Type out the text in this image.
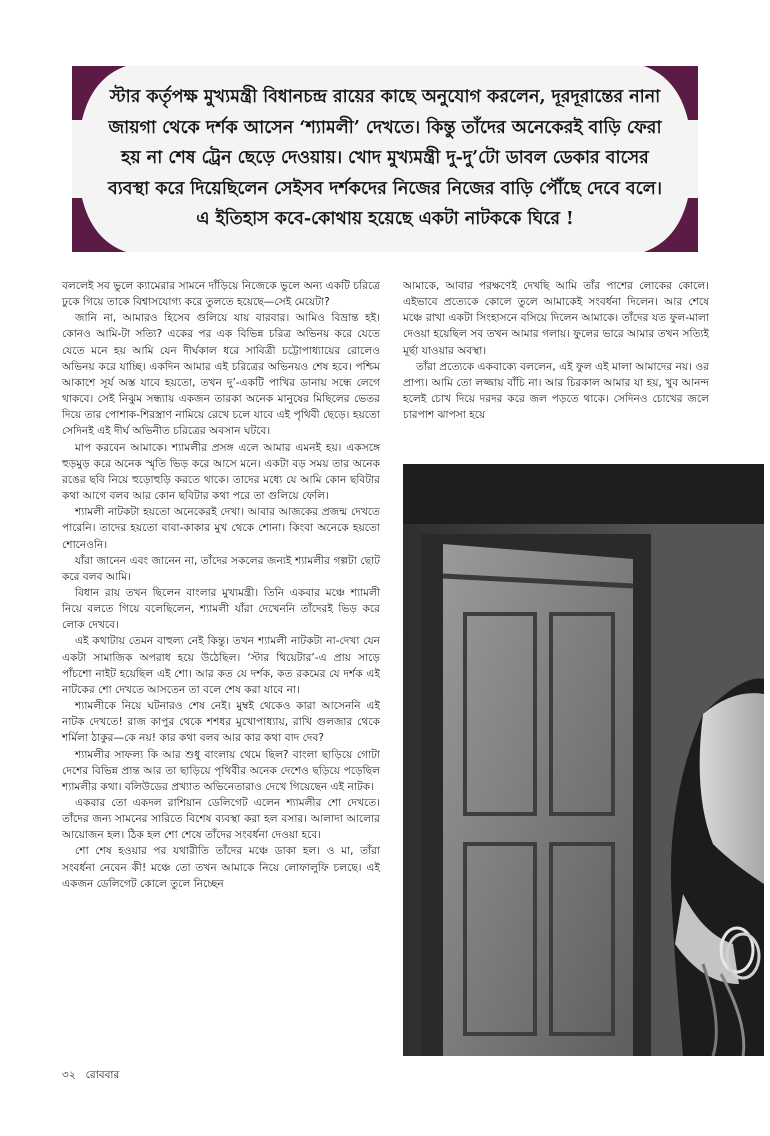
স্টার কর্তৃপক্ষ মুখ্যমন্ত্রী বিধানচন্দ্র রায়ের কাছে অনুযোগ করলেন, দূরদূরান্তের নানা জায়গা থেকে দর্শক আসেন ‘শ্যামলী’ দেখতে। কিন্তু তাঁদের অনেকেরই বাড়ি ফেরা হয় না শেষ ট্রেন ছেড়ে দেওয়ায়। খোদ মুখ্যমন্ত্রী দু-দু’টো ডাবল ডেকার বাসের ব্যবস্থা করে দিয়েছিলেন সেইসব দর্শকদের নিজের নিজের বাড়ি পৌঁছে দেবে বলে। এ ইতিহাস কবে-কোথায় হয়েছে একটা নাটককে ঘিরে !

বললেই সব ভুলে ক্যামেরার সামনে দাঁড়িয়ে নিজেকে ভুলে অন্য একটি চরিত্রে ঢুকে গিয়ে তাকে বিশ্বাসযোগ্য করে তুলতে হয়েছে—সেই মেয়েটা?

জানি না, আমারও হিসেব গুলিয়ে যায় বারবার। আমিও বিভ্রান্ত হই। কোনও আমি-টা সত্যি? একের পর এক বিভিন্ন চরিত্র অভিনয় করে যেতে যেতে মনে হয় আমি যেন দীর্ঘকাল ধরে সাবিত্রী চট্টোপাধ্যায়ের রোলেও অভিনয় করে যাচ্ছি। একদিন আমার এই চরিত্রের অভিনয়ও শেষ হবে। পশ্চিম আকাশে সূর্য অস্ত যাবে হয়তো, তখন দু’-একটি পাখির ডানায় সন্ধে লেগে থাকবে। সেই নিঝুম সন্ধ্যায় একজন তারকা অনেক মানুষের মিছিলের ভেতর দিয়ে তার পোশাক-শিরস্ত্রাণ নামিয়ে রেখে চলে যাবে এই পৃথিবী ছেড়ে। হয়তো সেদিনই এই দীর্ঘ অভিনীত চরিত্রের অবসান ঘটবে।

মাপ করবেন আমাকে। শ্যামলীর প্রসঙ্গ এলে আমার এমনই হয়। একসঙ্গে হুড়মুড় করে অনেক স্মৃতি ভিড় করে আসে মনে। একটা বড় সময় তার অনেক রঙের ছবি নিয়ে হুড়োহুড়ি করতে থাকে। তাদের মধ্যে যে আমি কোন ছবিটার কথা আগে বলব আর কোন ছবিটার কথা পরে তা গুলিয়ে ফেলি।

শ্যামলী নাটকটা হয়তো অনেকেরই দেখা। আবার আজকের প্রজন্ম দেখতে পারেনি। তাদের হয়তো বাবা-কাকার মুখ থেকে শোনা। কিংবা অনেকে হয়তো শোনেওনি।

যাঁরা জানেন এবং জানেন না, তাঁদের সকলের জন্যই শ্যামলীর গল্পটা ছোট করে বলব আমি।

বিধান রায় তখন ছিলেন বাংলার মুখ্যমন্ত্রী। তিনি একবার মঞ্চে শ্যামলী নিয়ে বলতে গিয়ে বলেছিলেন, শ্যামলী যাঁরা দেখেননি তাঁদেরই ভিড় করে লোক দেখবে।

এই কথাটায় তেমন বাহুল্য নেই কিন্তু। তখন শ্যামলী নাটকটা না-দেখা যেন একটা সামাজিক অপরাধ হয়ে উঠেছিল। ‘স্টার থিয়েটার’-এ প্রায় সাড়ে পাঁচশো নাইট হয়েছিল এই শো। আর কত যে দর্শক, কত রকমের যে দর্শক এই নাটকের শো দেখতে আসতেন তা বলে শেষ করা যাবে না।

শ্যামলীকে নিয়ে ঘটনারও শেষ নেই। মুম্বই থেকেও কারা আসেননি এই নাটক দেখতে! রাজ কাপুর থেকে শশধর মুখোপাধ্যায়, রাখি গুলজার থেকে শর্মিলা ঠাকুর—কে নয়! কার কথা বলব আর কার কথা বাদ দেব?

শ্যামলীর সাফল্য কি আর শুধু বাংলায় থেমে ছিল? বাংলা ছাড়িয়ে গোটা দেশের বিভিন্ন প্রান্ত আর তা ছাড়িয়ে পৃথিবীর অনেক দেশেও ছড়িয়ে পড়েছিল শ্যামলীর কথা। বলিউডের প্রখ্যাত অভিনেতারাও দেখে গিয়েছেন এই নাটক।

একবার তো একদল রাশিয়ান ডেলিগেট এলেন শ্যামলীর শো দেখতে। তাঁদের জন্য সামনের সারিতে বিশেষ ব্যবস্থা করা হল বসার। আলাদা আলোর আয়োজন হল। ঠিক হল শো শেষে তাঁদের সংবর্ধনা দেওয়া হবে।

শো শেষ হওয়ার পর যথারীতি তাঁদের মঞ্চে ডাকা হল। ও মা, তাঁরা সংবর্ধনা নেবেন কী! মঞ্চে তো তখন আমাকে নিয়ে লোফালুফি চলছে। এই একজন ডেলিগেট কোলে তুলে নিচ্ছেন

আমাকে, আবার পরক্ষণেই দেখছি আমি তাঁর পাশের লোকের কোলে। এইভাবে প্রত্যেকে কোলে তুলে আমাকেই সংবর্ধনা দিলেন। আর শেষে মঞ্চে রাখা একটা সিংহাসনে বসিয়ে দিলেন আমাকে। তাঁদের যত ফুল-মালা দেওয়া হয়েছিল সব তখন আমার গলায়। ফুলের ভারে আমার তখন সত্যিই মূর্ছা যাওয়ার অবস্থা।

তাঁরা প্রত্যেকে একবাক্যে বললেন, এই ফুল এই মালা আমাদের নয়। ওর প্রাপ্য। আমি তো লজ্জায় বাঁচি না। আর চিরকাল আমার যা হয়, খুব আনন্দ হলেই চোখ দিয়ে দরদর করে জল পড়তে থাকে। সেদিনও চোখের জলে চারপাশ ঝাপসা হয়ে

৩২ রোববার
